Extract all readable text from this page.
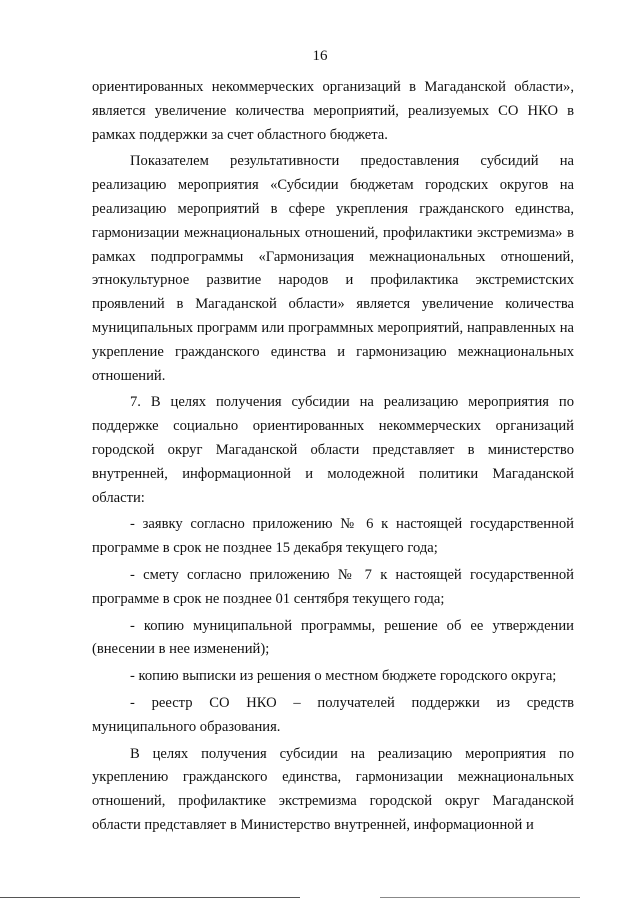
16

ориентированных некоммерческих организаций в Магаданской области», является увеличение количества мероприятий, реализуемых СО НКО в рамках поддержки за счет областного бюджета.

Показателем результативности предоставления субсидий на реализацию мероприятия «Субсидии бюджетам городских округов на реализацию мероприятий в сфере укрепления гражданского единства, гармонизации межнациональных отношений, профилактики экстремизма» в рамках подпрограммы «Гармонизация межнациональных отношений, этнокультурное развитие народов и профилактика экстремистских проявлений в Магаданской области» является увеличение количества муниципальных программ или программных мероприятий, направленных на укрепление гражданского единства и гармонизацию межнациональных отношений.

7. В целях получения субсидии на реализацию мероприятия по поддержке социально ориентированных некоммерческих организаций городской округ Магаданской области представляет в министерство внутренней, информационной и молодежной политики Магаданской области:

- заявку согласно приложению № 6 к настоящей государственной программе в срок не позднее 15 декабря текущего года;

- смету согласно приложению № 7 к настоящей государственной программе в срок не позднее 01 сентября текущего года;

- копию муниципальной программы, решение об ее утверждении (внесении в нее изменений);

- копию выписки из решения о местном бюджете городского округа;

- реестр СО НКО – получателей поддержки из средств муниципального образования.

В целях получения субсидии на реализацию мероприятия по укреплению гражданского единства, гармонизации межнациональных отношений, профилактике экстремизма городской округ Магаданской области представляет в Министерство внутренней, информационной и
